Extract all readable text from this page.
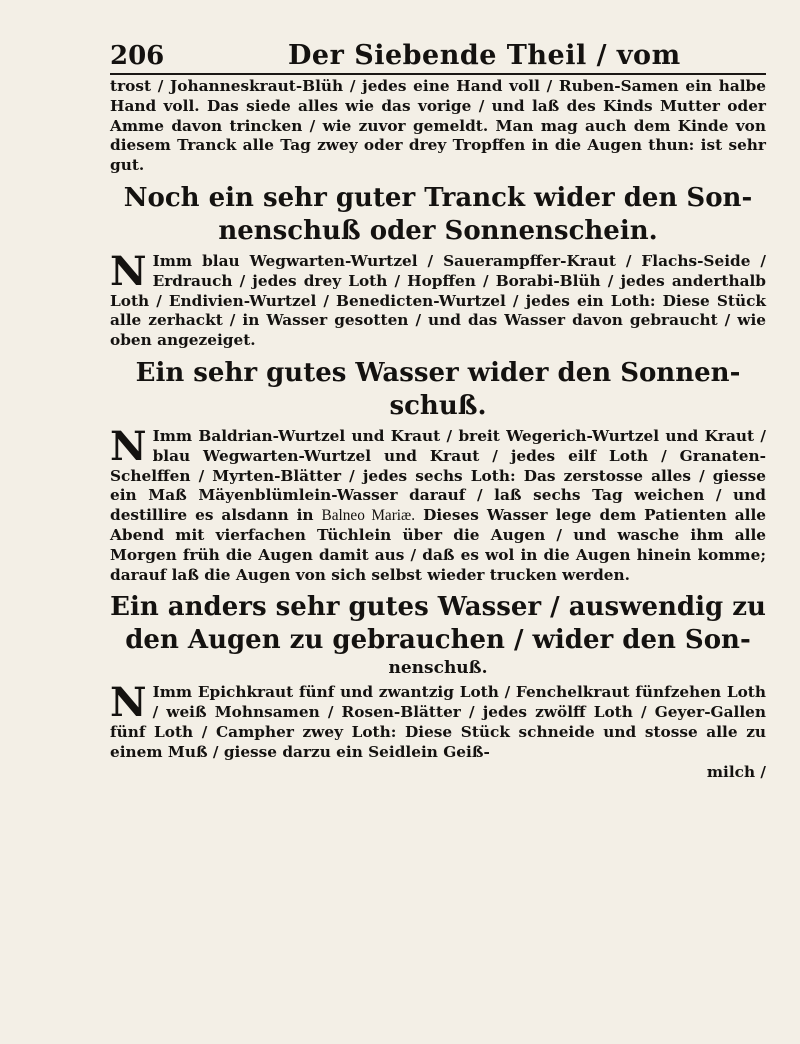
206	Der Siebende Theil / vom

trost / Johanneskraut-Blüh / jedes eine Hand voll / Ruben-Samen ein halbe Hand voll. Das siede alles wie das vorige / und laß des Kinds Mutter oder Amme davon trincken / wie zuvor gemeldt. Man mag auch dem Kinde von diesem Tranck alle Tag zwey oder drey Tropffen in die Augen thun: ist sehr gut.

Noch ein sehr guter Tranck wider den Son-
nenschuß oder Sonnenschein.

N Imm blau Wegwarten-Wurtzel / Sauerampffer-Kraut / Flachs-Seide / Erdrauch / jedes drey Loth / Hopffen / Borabi-Blüh / jedes anderthalb Loth / Endivien-Wurtzel / Benedicten-Wurtzel / jedes ein Loth: Diese Stück alle zerhackt / in Wasser gesotten / und das Wasser davon gebraucht / wie oben angezeiget.

Ein sehr gutes Wasser wider den Sonnen-
schuß.

N Imm Baldrian-Wurtzel und Kraut / breit Wegerich-Wurtzel und Kraut / blau Wegwarten-Wurtzel und Kraut / jedes eilf Loth / Granaten-Schelffen / Myrten-Blätter / jedes sechs Loth: Das zerstosse alles / giesse ein Maß Mäyenblümlein-Wasser darauf / laß sechs Tag weichen / und destillire es alsdann in Balneo Mariæ. Dieses Wasser lege dem Patienten alle Abend mit vierfachen Tüchlein über die Augen / und wasche ihm alle Morgen früh die Augen damit aus / daß es wol in die Augen hinein komme; darauf laß die Augen von sich selbst wieder trucken werden.

Ein anders sehr gutes Wasser / auswendig zu
den Augen zu gebrauchen / wider den Son-
nenschuß.

N Imm Epichkraut fünf und zwantzig Loth / Fenchelkraut fünfzehen Loth / weiß Mohnsamen / Rosen-Blätter / jedes zwölff Loth / Geyer-Gallen fünf Loth / Campher zwey Loth: Diese Stück schneide und stosse alle zu einem Muß / giesse darzu ein Seidlein Geiß-

milch /
